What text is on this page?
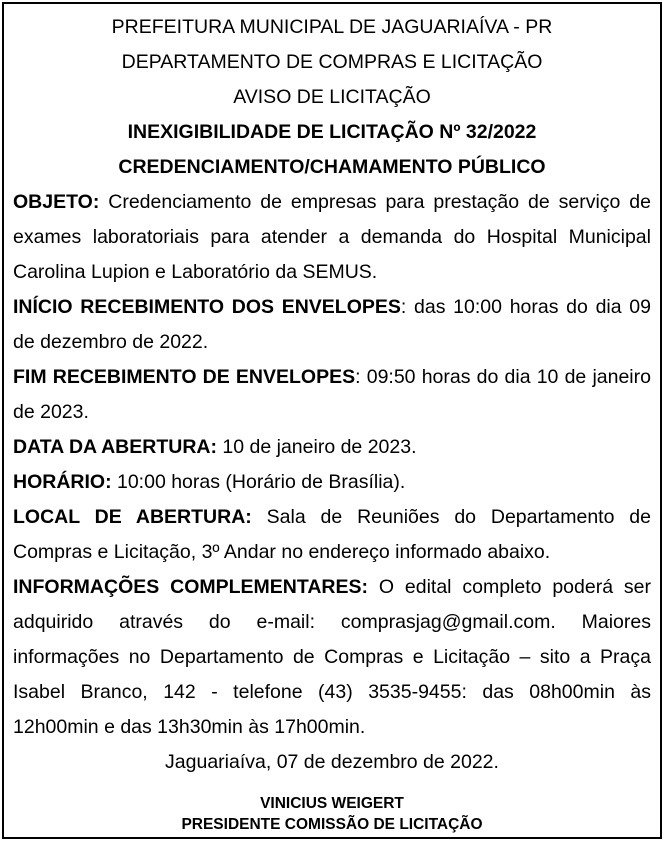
PREFEITURA MUNICIPAL DE JAGUARIAÍVA - PR

DEPARTAMENTO DE COMPRAS E LICITAÇÃO

AVISO DE LICITAÇÃO

INEXIGIBILIDADE DE LICITAÇÃO Nº 32/2022

CREDENCIAMENTO/CHAMAMENTO PÚBLICO

OBJETO: Credenciamento de empresas para prestação de serviço de exames laboratoriais para atender a demanda do Hospital Municipal Carolina Lupion e Laboratório da SEMUS.

INÍCIO RECEBIMENTO DOS ENVELOPES: das 10:00 horas do dia 09 de dezembro de 2022.

FIM RECEBIMENTO DE ENVELOPES: 09:50 horas do dia 10 de janeiro de 2023.

DATA DA ABERTURA: 10 de janeiro de 2023.

HORÁRIO: 10:00 horas (Horário de Brasília).

LOCAL DE ABERTURA: Sala de Reuniões do Departamento de Compras e Licitação, 3º Andar no endereço informado abaixo.

INFORMAÇÕES COMPLEMENTARES: O edital completo poderá ser adquirido através do e-mail: comprasjag@gmail.com. Maiores informações no Departamento de Compras e Licitação – sito a Praça Isabel Branco, 142 - telefone (43) 3535-9455: das 08h00min às 12h00min e das 13h30min às 17h00min.

Jaguariaíva, 07 de dezembro de 2022.

VINICIUS WEIGERT

PRESIDENTE COMISSÃO DE LICITAÇÃO
